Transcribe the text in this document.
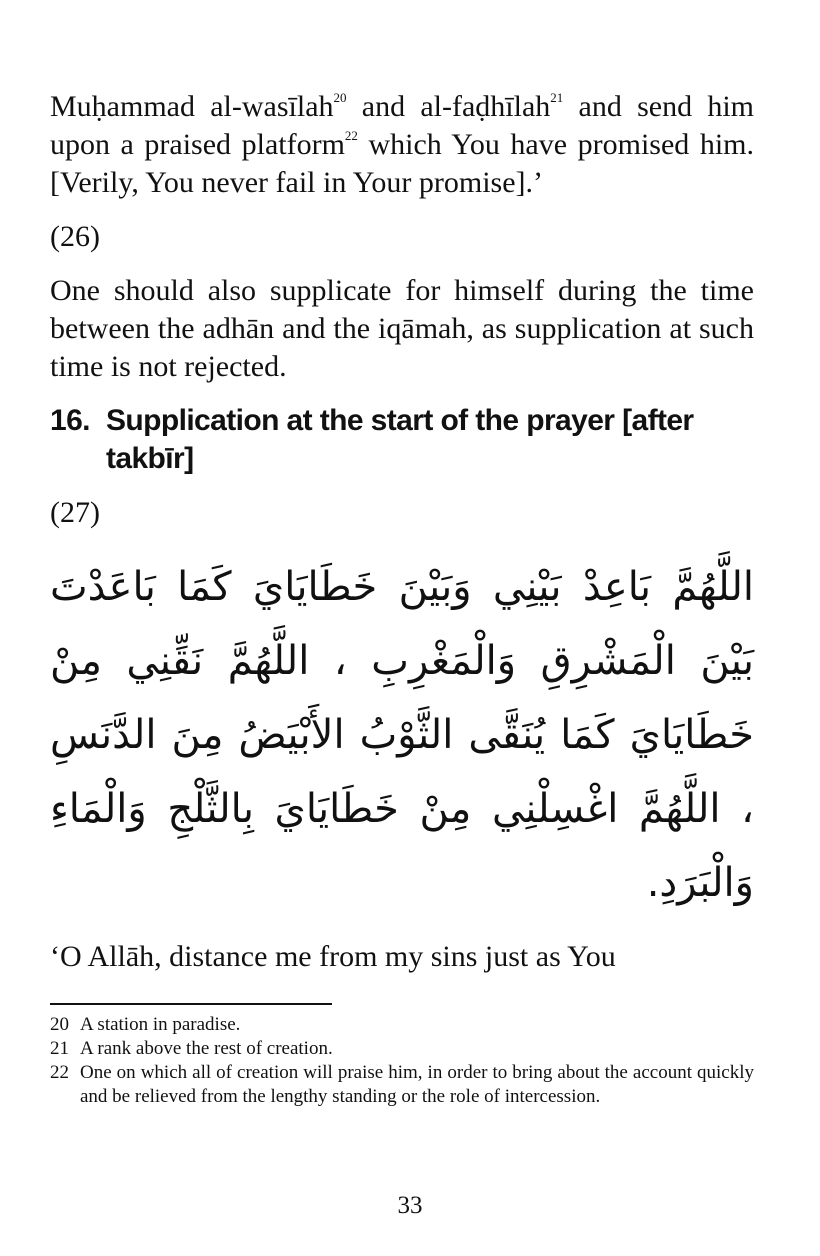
Muḥammad al-wasīlah$^{20}$ and al-faḍhīlah$^{21}$ and send him upon a praised platform$^{22}$ which You have promised him. [Verily, You never fail in Your promise].’

(26)

One should also supplicate for himself during the time between the adhān and the iqāmah, as supplication at such time is not rejected.

16. Supplication at the start of the prayer [after takbīr]

(27)

اللَّهُمَّ بَاعِدْ بَيْنِي وَبَيْنَ خَطَايَايَ كَمَا بَاعَدْتَ بَيْنَ الْمَشْرِقِ وَالْمَغْرِبِ ، اللَّهُمَّ نَقِّنِي مِنْ خَطَايَايَ كَمَا يُنَقَّى الثَّوْبُ الأَبْيَضُ مِنَ الدَّنَسِ ، اللَّهُمَّ اغْسِلْنِي مِنْ خَطَايَايَ بِالثَّلْجِ وَالْمَاءِ وَالْبَرَدِ.

‘O Allāh, distance me from my sins just as You

20 A station in paradise.
21 A rank above the rest of creation.
22 One on which all of creation will praise him, in order to bring about the account quickly and be relieved from the lengthy standing or the role of intercession.
33
